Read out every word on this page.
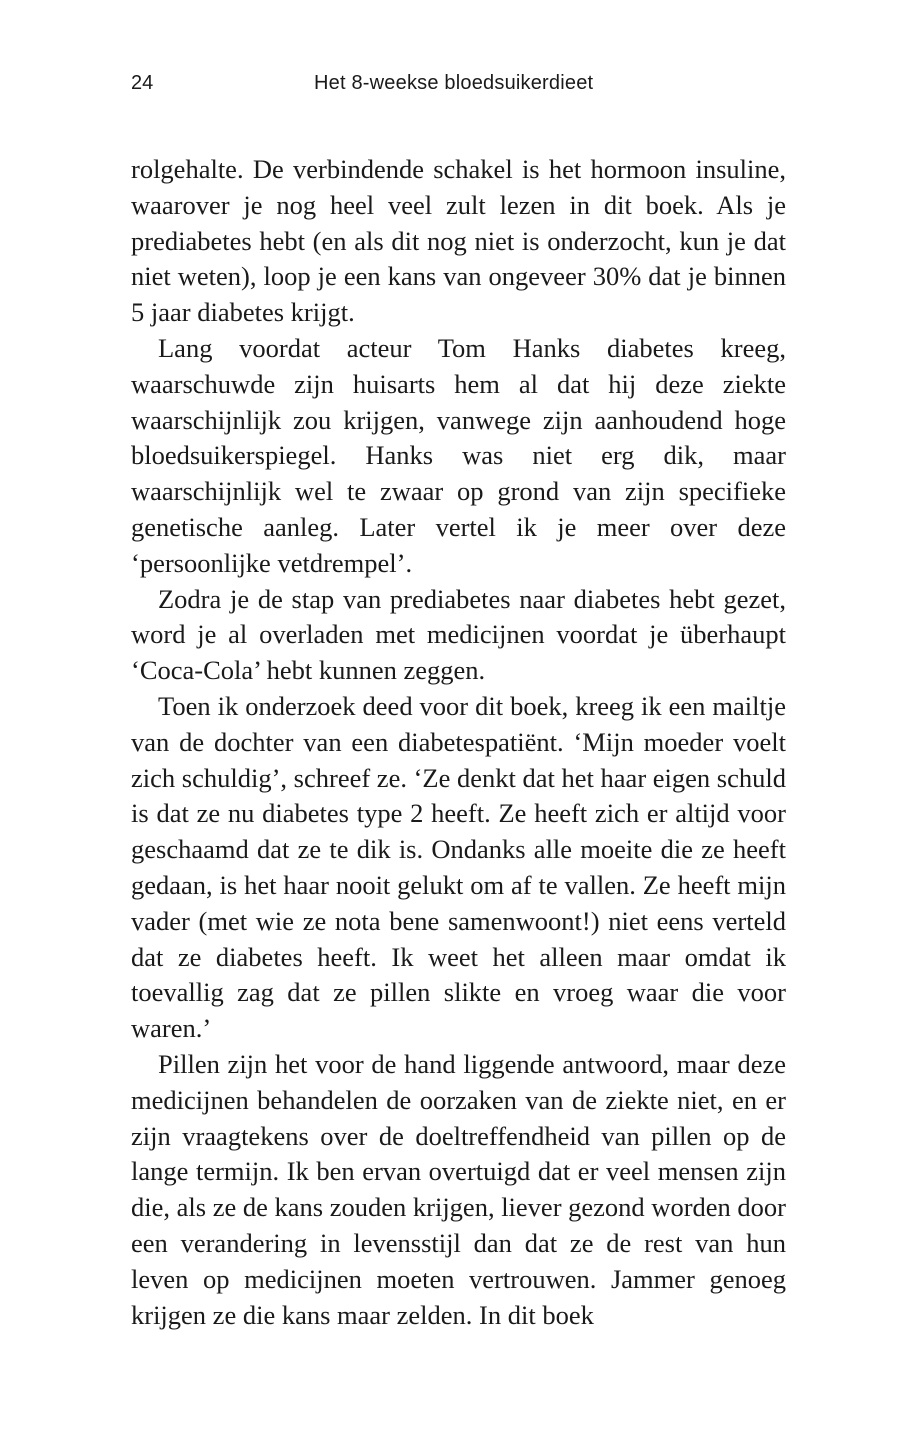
24	Het 8-weekse bloedsuikerdieet

rolgehalte. De verbindende schakel is het hormoon insuline, waarover je nog heel veel zult lezen in dit boek. Als je prediabetes hebt (en als dit nog niet is onderzocht, kun je dat niet weten), loop je een kans van ongeveer 30% dat je binnen 5 jaar diabetes krijgt.

Lang voordat acteur Tom Hanks diabetes kreeg, waarschuwde zijn huisarts hem al dat hij deze ziekte waarschijnlijk zou krijgen, vanwege zijn aanhoudend hoge bloedsuikerspiegel. Hanks was niet erg dik, maar waarschijnlijk wel te zwaar op grond van zijn specifieke genetische aanleg. Later vertel ik je meer over deze ‘persoonlijke vetdrempel’.

Zodra je de stap van prediabetes naar diabetes hebt gezet, word je al overladen met medicijnen voordat je überhaupt ‘Coca-Cola’ hebt kunnen zeggen.

Toen ik onderzoek deed voor dit boek, kreeg ik een mailtje van de dochter van een diabetespatiënt. ‘Mijn moeder voelt zich schuldig’, schreef ze. ‘Ze denkt dat het haar eigen schuld is dat ze nu diabetes type 2 heeft. Ze heeft zich er altijd voor geschaamd dat ze te dik is. Ondanks alle moeite die ze heeft gedaan, is het haar nooit gelukt om af te vallen. Ze heeft mijn vader (met wie ze nota bene samenwoont!) niet eens verteld dat ze diabetes heeft. Ik weet het alleen maar omdat ik toevallig zag dat ze pillen slikte en vroeg waar die voor waren.’

Pillen zijn het voor de hand liggende antwoord, maar deze medicijnen behandelen de oorzaken van de ziekte niet, en er zijn vraagtekens over de doeltreffendheid van pillen op de lange termijn. Ik ben ervan overtuigd dat er veel mensen zijn die, als ze de kans zouden krijgen, liever gezond worden door een verandering in levensstijl dan dat ze de rest van hun leven op medicijnen moeten vertrouwen. Jammer genoeg krijgen ze die kans maar zelden. In dit boek
